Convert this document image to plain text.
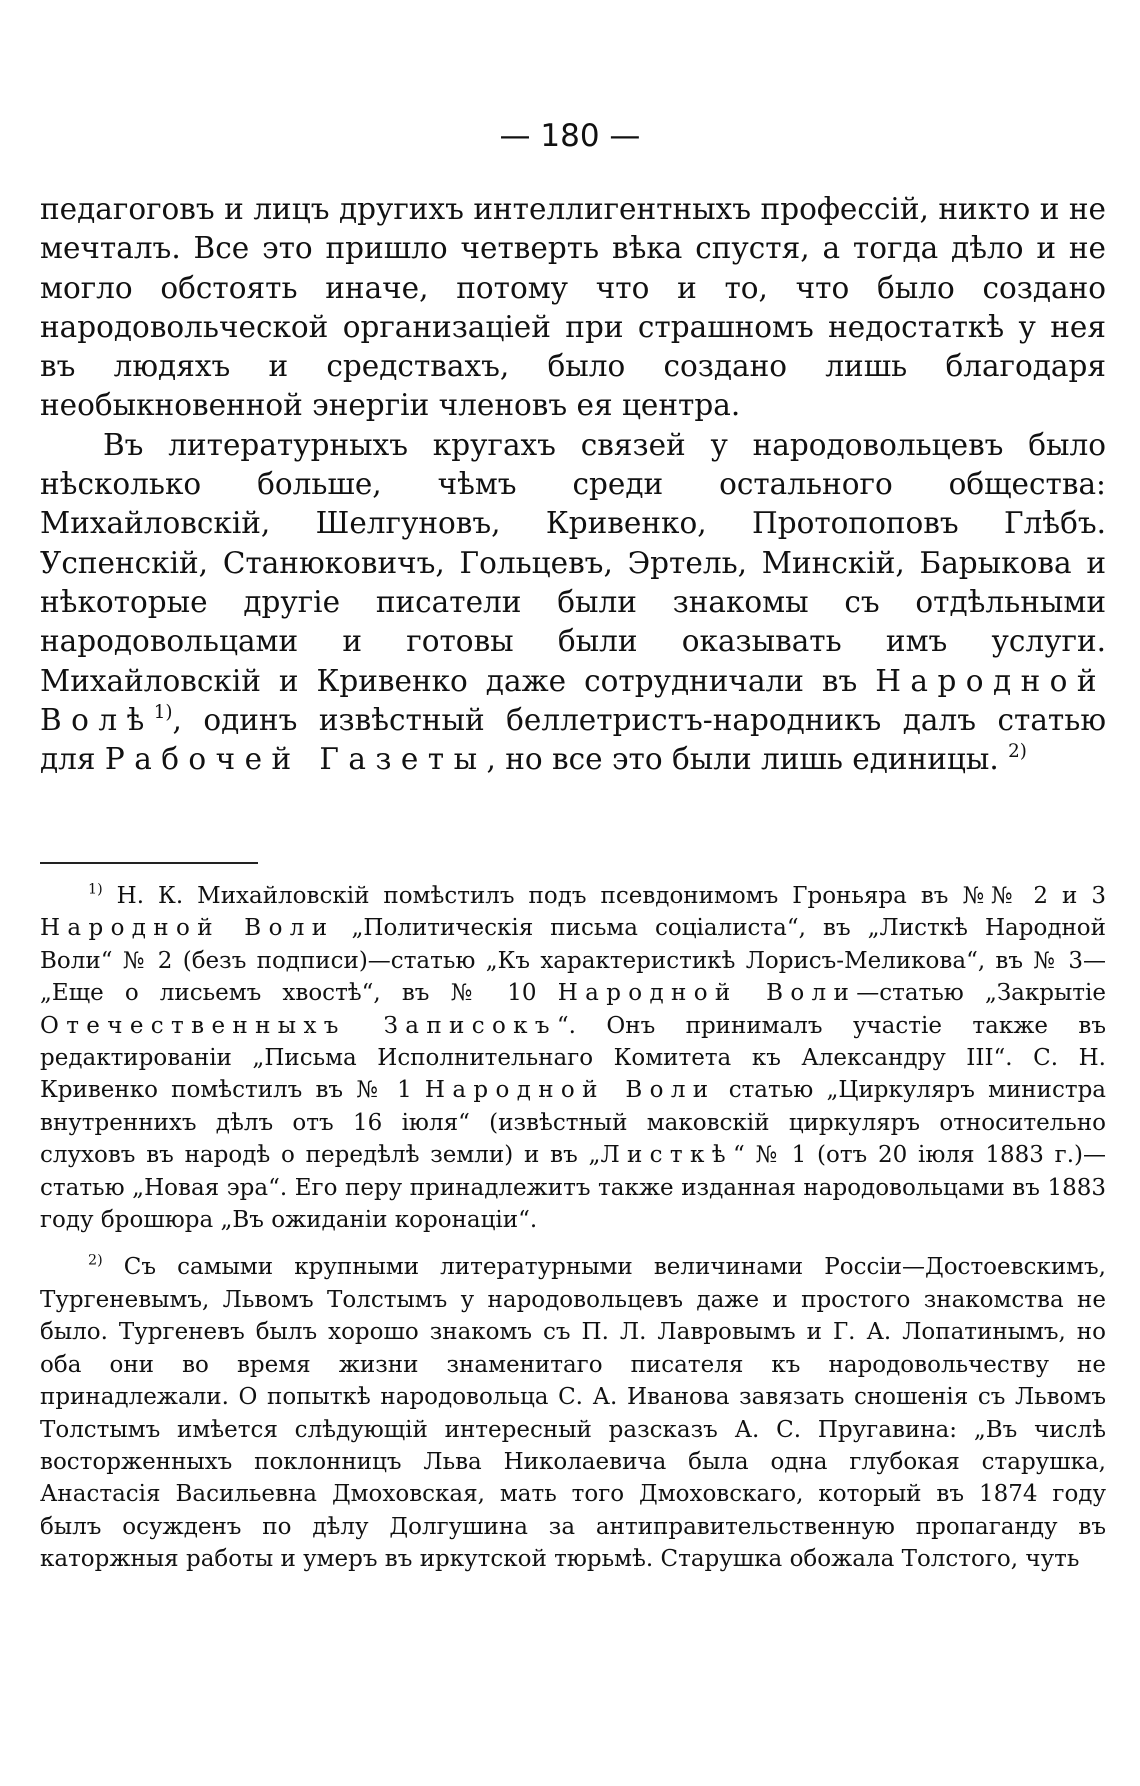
— 180 —

педагоговъ и лицъ другихъ интеллигентныхъ профессій, никто и не мечталъ. Все это пришло четверть вѣка спустя, а тогда дѣло и не могло обстоять иначе, потому что и то, что было создано народовольческой организаціей при страшномъ недостаткѣ у нея въ людяхъ и средствахъ, было создано лишь благодаря необыкновенной энергіи членовъ ея центра.

Въ литературныхъ кругахъ связей у народовольцевъ было нѣсколько больше, чѣмъ среди остального общества: Михайловскій, Шелгуновъ, Кривенко, Протопоповъ Глѣбъ. Успенскій, Станюковичъ, Гольцевъ, Эртель, Минскій, Барыкова и нѣкоторые другіе писатели были знакомы съ отдѣльными народовольцами и готовы были оказывать имъ услуги. Михайловскій и Кривенко даже сотрудничали въ Народной Волѣ$^{1)}$, одинъ извѣстный беллетристъ-народникъ далъ статью для Рабочей Газеты, но все это были лишь единицы. $^{2)}$

$^{1)}$ Н. К. Михайловскій помѣстилъ подъ псевдонимомъ Гроньяра въ №№ 2 и 3 Народной Воли „Политическія письма соціалиста“, въ „Листкѣ Народной Воли“ № 2 (безъ подписи)—статью „Къ характеристикѣ Лорисъ-Меликова“, въ № 3—„Еще о лисьемъ хвостѣ“, въ № 10 Народной Воли—статью „Закрытіе Отечественныхъ Записокъ“. Онъ принималъ участіе также въ редактированіи „Письма Исполнительнаго Комитета къ Александру III“. С. Н. Кривенко помѣстилъ въ № 1 Народной Воли статью „Циркуляръ министра внутреннихъ дѣлъ отъ 16 іюля“ (извѣстный маковскій циркуляръ относительно слуховъ въ народѣ о передѣлѣ земли) и въ „Листкѣ“ № 1 (отъ 20 іюля 1883 г.)—статью „Новая эра“. Его перу принадлежитъ также изданная народовольцами въ 1883 году брошюра „Въ ожиданіи коронаціи“.

$^{2)}$ Съ самыми крупными литературными величинами Россіи—Достоевскимъ, Тургеневымъ, Львомъ Толстымъ у народовольцевъ даже и простого знакомства не было. Тургеневъ былъ хорошо знакомъ съ П. Л. Лавровымъ и Г. А. Лопатинымъ, но оба они во время жизни знаменитаго писателя къ народовольчеству не принадлежали. О попыткѣ народовольца С. А. Иванова завязать сношенія съ Львомъ Толстымъ имѣется слѣдующій интересный разсказъ А. С. Пругавина: „Въ числѣ восторженныхъ поклонницъ Льва Николаевича была одна глубокая старушка, Анастасія Васильевна Дмоховская, мать того Дмоховскаго, который въ 1874 году былъ осужденъ по дѣлу Долгушина за антиправительственную пропаганду въ каторжныя работы и умеръ въ иркутской тюрьмѣ. Старушка обожала Толстого, чуть
